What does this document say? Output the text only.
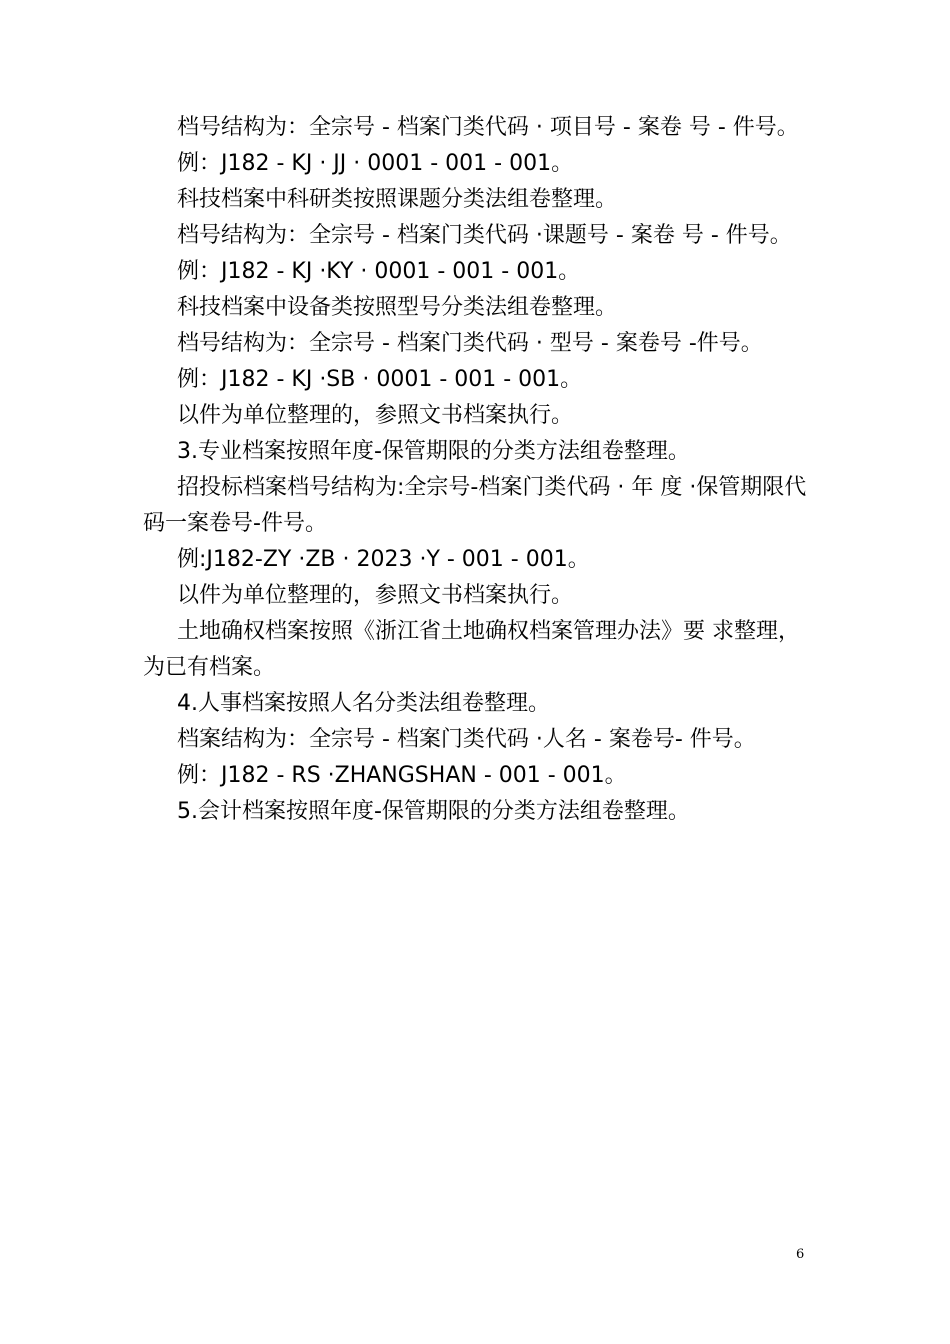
档号结构为：全宗号 - 档案门类代码 · 项目号 - 案卷 号 - 件号。

例：J182 - KJ · JJ · 0001 - 001 - 001。

科技档案中科研类按照课题分类法组卷整理。

档号结构为：全宗号 - 档案门类代码 ·课题号 - 案卷 号 - 件号。

例：J182 - KJ ·KY · 0001 - 001 - 001。

科技档案中设备类按照型号分类法组卷整理。

档号结构为：全宗号 - 档案门类代码 · 型号 - 案卷号 -件号。

例：J182 - KJ ·SB · 0001 - 001 - 001。

以件为单位整理的，参照文书档案执行。

3.专业档案按照年度-保管期限的分类方法组卷整理。

招投标档案档号结构为:全宗号-档案门类代码 · 年 度 ·保管期限代码一案卷号-件号。

例:J182-ZY ·ZB · 2023 ·Y - 001 - 001。

以件为单位整理的，参照文书档案执行。

土地确权档案按照《浙江省土地确权档案管理办法》要 求整理，为已有档案。

4.人事档案按照人名分类法组卷整理。

档案结构为：全宗号 - 档案门类代码 ·人名 - 案卷号- 件号。

例：J182 - RS ·ZHANGSHAN - 001 - 001。

5.会计档案按照年度-保管期限的分类方法组卷整理。

6
